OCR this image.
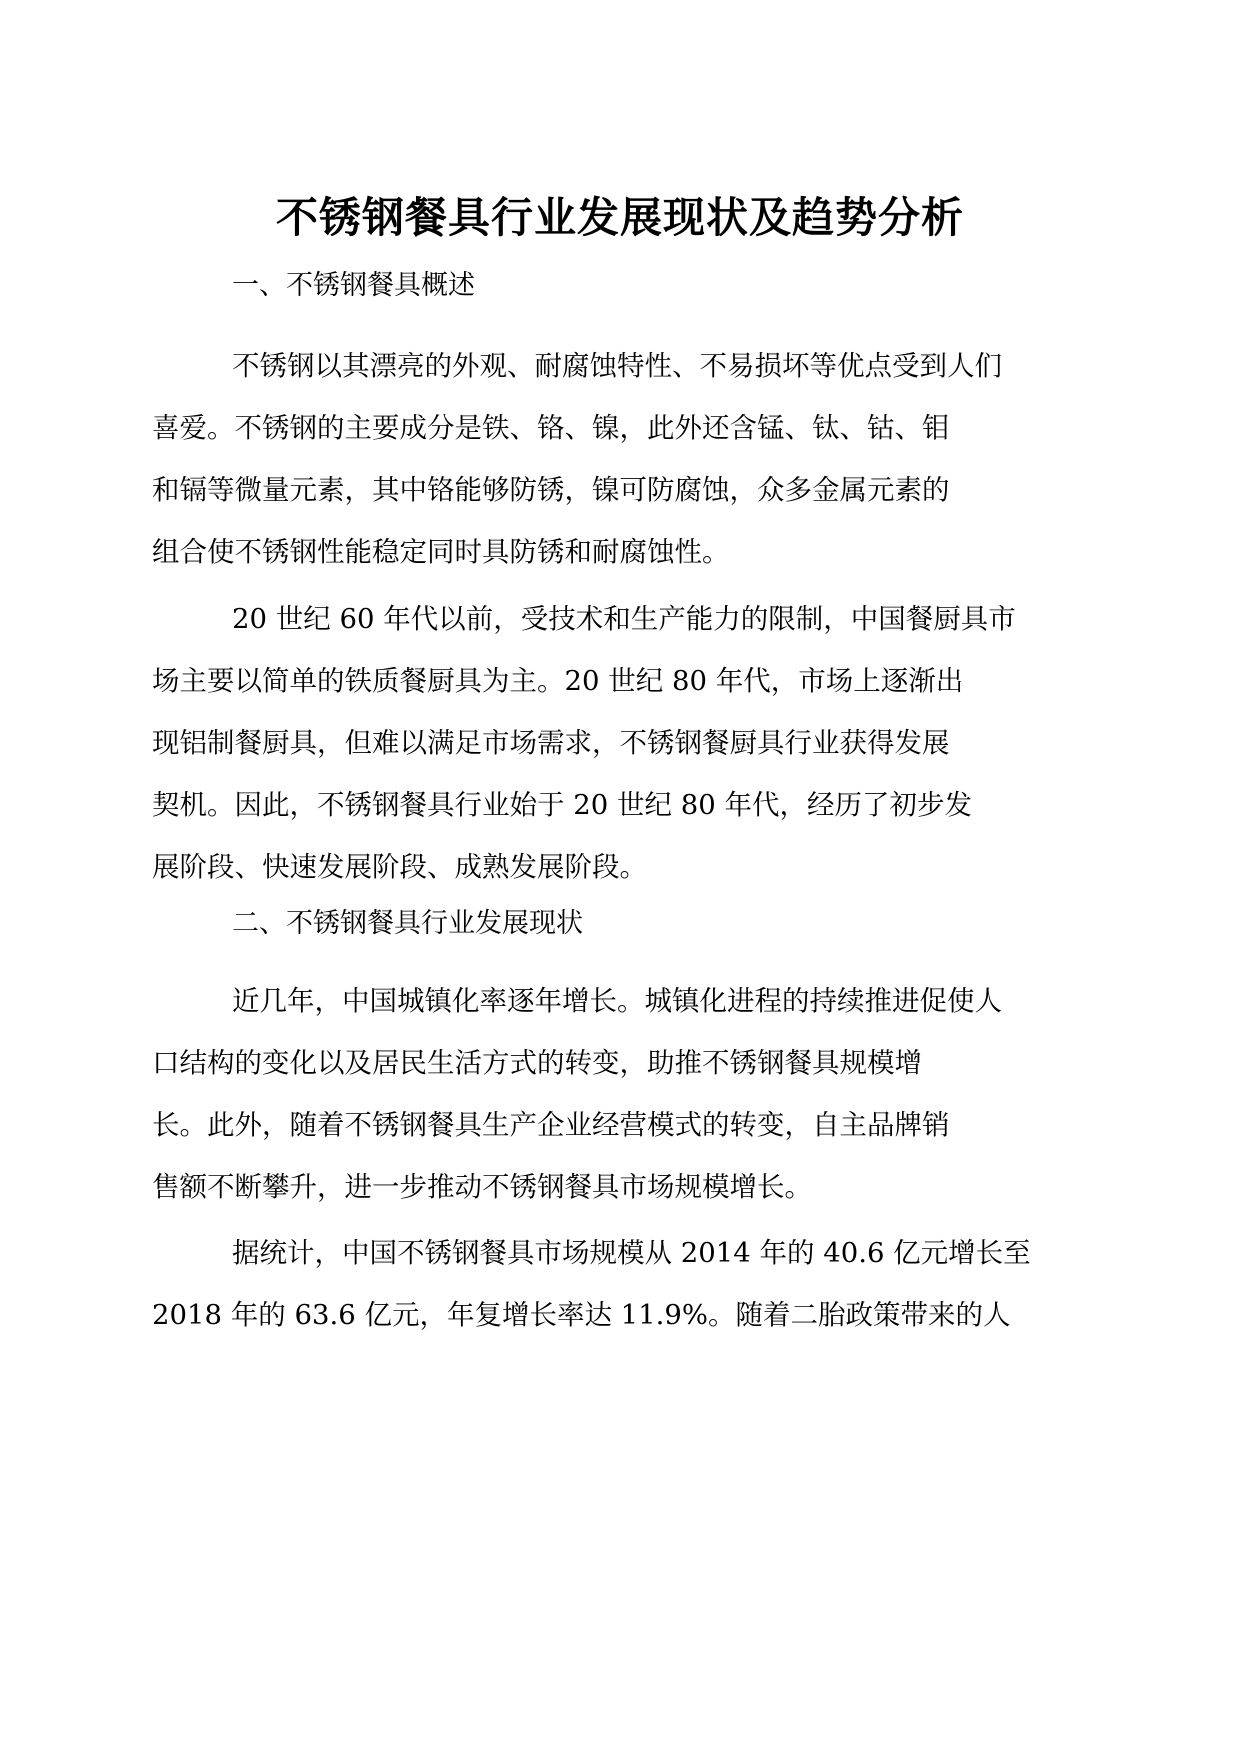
不锈钢餐具行业发展现状及趋势分析
一、不锈钢餐具概述
不锈钢以其漂亮的外观、耐腐蚀特性、不易损坏等优点受到人们
喜爱。不锈钢的主要成分是铁、铬、镍，此外还含锰、钛、钴、钼
和镉等微量元素，其中铬能够防锈，镍可防腐蚀，众多金属元素的
组合使不锈钢性能稳定同时具防锈和耐腐蚀性。
20 世纪 60 年代以前，受技术和生产能力的限制，中国餐厨具市
场主要以简单的铁质餐厨具为主。20 世纪 80 年代，市场上逐渐出
现铝制餐厨具，但难以满足市场需求，不锈钢餐厨具行业获得发展
契机。因此，不锈钢餐具行业始于 20 世纪 80 年代，经历了初步发
展阶段、快速发展阶段、成熟发展阶段。
二、不锈钢餐具行业发展现状
近几年，中国城镇化率逐年增长。城镇化进程的持续推进促使人
口结构的变化以及居民生活方式的转变，助推不锈钢餐具规模增
长。此外，随着不锈钢餐具生产企业经营模式的转变，自主品牌销
售额不断攀升，进一步推动不锈钢餐具市场规模增长。
据统计，中国不锈钢餐具市场规模从 2014 年的 40.6 亿元增长至
2018 年的 63.6 亿元，年复增长率达 11.9%。随着二胎政策带来的人
